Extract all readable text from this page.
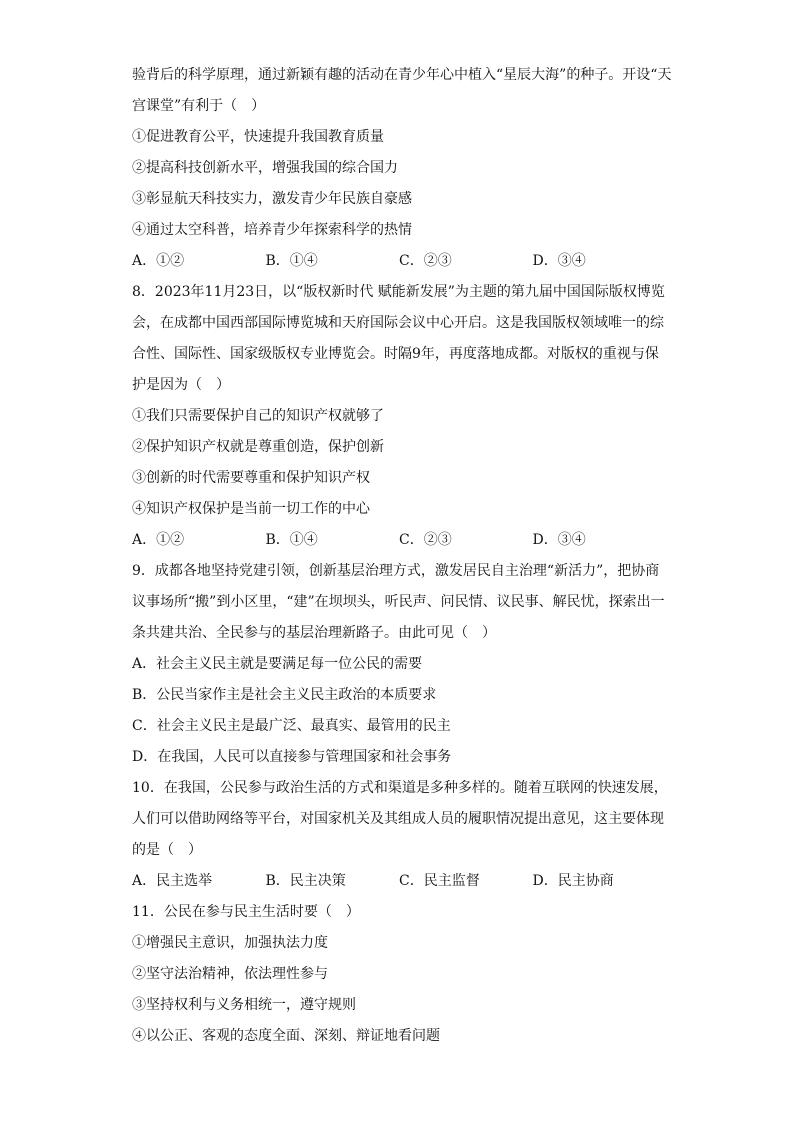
验背后的科学原理，通过新颖有趣的活动在青少年心中植入“星辰大海”的种子。开设“天
宫课堂”有利于（　）
①促进教育公平，快速提升我国教育质量
②提高科技创新水平，增强我国的综合国力
③彰显航天科技实力，激发青少年民族自豪感
④通过太空科普，培养青少年探索科学的热情
A．①②	B．①④	C．②③	D．③④
8．2023年11月23日，以“版权新时代 赋能新发展”为主题的第九届中国国际版权博览
会，在成都中国西部国际博览城和天府国际会议中心开启。这是我国版权领域唯一的综
合性、国际性、国家级版权专业博览会。时隔9年，再度落地成都。对版权的重视与保
护是因为（　）
①我们只需要保护自己的知识产权就够了
②保护知识产权就是尊重创造，保护创新
③创新的时代需要尊重和保护知识产权
④知识产权保护是当前一切工作的中心
A．①②	B．①④	C．②③	D．③④
9．成都各地坚持党建引领，创新基层治理方式，激发居民自主治理“新活力”，把协商
议事场所“搬”到小区里，“建”在坝坝头，听民声、问民情、议民事、解民忧，探索出一
条共建共治、全民参与的基层治理新路子。由此可见（　）
A．社会主义民主就是要满足每一位公民的需要
B．公民当家作主是社会主义民主政治的本质要求
C．社会主义民主是最广泛、最真实、最管用的民主
D．在我国，人民可以直接参与管理国家和社会事务
10．在我国，公民参与政治生活的方式和渠道是多种多样的。随着互联网的快速发展，
人们可以借助网络等平台，对国家机关及其组成人员的履职情况提出意见，这主要体现
的是（　）
A．民主选举	B．民主决策	C．民主监督	D．民主协商
11．公民在参与民主生活时要（　）
①增强民主意识，加强执法力度
②坚守法治精神，依法理性参与
③坚持权利与义务相统一，遵守规则
④以公正、客观的态度全面、深刻、辩证地看问题
